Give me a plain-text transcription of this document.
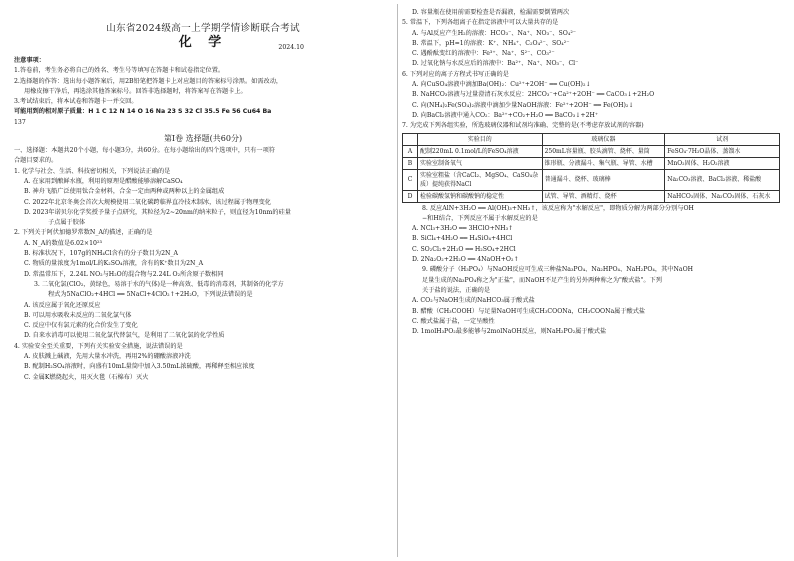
山东省2024级高一上学期学情诊断联合考试
化 学	2024.10
注意事项：
1.答卷前，考生务必将自己的姓名、考生号等填写在答题卡和试卷指定位置。
2.选择题的作答：选出每小题答案后，用2B铅笔把答题卡上对应题目的答案标号涂黑。如需改动，
用橡皮擦干净后，再选涂其他答案标号。回答非选择题时，将答案写在答题卡上。
3.考试结束后，将本试卷和答题卡一并交回。
可能用到的相对原子质量：H 1 C 12 N 14 O 16 Na 23 S 32 Cl 35.5 Fe 56 Cu64 Ba
137
第Ⅰ卷 选择题(共60分)
一、选择题：本题共20个小题，每小题3分，共60分。在每小题给出的四个选项中，只有一项符
合题目要求的。
1. 化学与社会、生活、科技密切相关，下列说法正确的是
A. 在家用到酿鲜水瓶，利用的原理是醋酸能够溶解CaSO₄
B. 神舟飞船广泛使用钛合金材料，合金一定由两种或两种以上的金属组成
C. 2022年北京冬奥会首次大规模使用二氧化碳跨临界直冷技术制冰，该过程属于物理变化
D. 2023年诺贝尔化学奖授予量子点研究，其粒径为2~20nm的纳米粒子，则直径为10nm的硅量
子点属于胶体
2. 下列关于阿伏加德罗常数N_A的描述，正确的是
A. N_A的数值是6.02×10²³
B. 标准状况下，107g的NH₄Cl含有的分子数目为2N_A
C. 物质的量浓度为1mol/L的K₂SO₄溶液，含有的K⁺数目为2N_A
D. 常温常压下，2.24L NO₂与H₂O的混合物与2.24L O₂所含原子数相同
3. 二氧化氯(ClO₂，黄绿色，易溶于水的气体)是一种高效、低毒的消毒剂，其制备的化学方
程式为5NaClO₂+4HCl ══ 5NaCl+4ClO₂↑+2H₂O，下列说法错误的是
A. 该反应属于氧化还原反应
B. 可以用水吸收未反应的二氧化氯气体
C. 反应中仅有氯元素的化合价发生了变化
D. 自来水消毒可以使用二氧化氯代替氯气，是利用了二氧化氯的化学性质
4. 实验安全至关重要，下列有关实验安全措施，说法错误的是
A. 皮肤溅上碱液，先用大量水冲洗，再用2%的硼酸溶液冲洗
B. 配制H₂SO₄溶液时，向盛有10mL量筒中加入3.50mL浓硫酸，再稀释至相应浓度
C. 金属K燃烧起火，用灭火毯（石棉布）灭火
D. 容量瓶在使用前需要检查是否漏液，检漏需要倒置两次
5. 常温下，下列各组离子在指定溶液中可以大量共存的是
A. 与Al反应产生H₂的溶液：HCO₃⁻、Na⁺、NO₃⁻、SO₄²⁻
B. 常温下，pH=1的溶液：K⁺、NH₄⁺、C₂O₄²⁻、SO₄²⁻
C. 遇酚酞变红的溶液中：Fe³⁺、Na⁺、S²⁻、CO₃²⁻
D. 过氧化钠与水反应后的溶液中：Ba²⁺、Na⁺、NO₃⁻、Cl⁻
6. 下列对应的离子方程式书写正确的是
A. 向CuSO₄溶液中滴加Ba(OH)₂：Cu²⁺+2OH⁻ ══ Cu(OH)₂↓
B. NaHCO₃溶液与过量澄清石灰水反应：2HCO₃⁻+Ca²⁺+2OH⁻ ══ CaCO₃↓+2H₂O
C. 向(NH₄)₂Fe(SO₄)₂溶液中滴加少量NaOH溶液：Fe²⁺+2OH⁻ ══ Fe(OH)₂↓
D. 向BaCl₂溶液中通入CO₂：Ba²⁺+CO₂+H₂O ══ BaCO₃↓+2H⁺
7. 为完成下列各组实验，所选玻璃仪器和试剂均准确、完整的是(不考虑存放试剂的容器)
	实验目的	玻璃仪器	试剂
A	配制220mL 0.1mol/L的FeSO₄溶液	250mL容量瓶、胶头滴管、烧杯、量筒	FeSO₄·7H₂O晶体、蒸馏水
B	实验室制备氧气	锥形瓶、分液漏斗、集气瓶、导管、水槽	MnO₂固体、H₂O₂溶液
C	实验室粗盐（含CaCl₂、MgSO₄、CaSO₄杂质）提纯获得NaCl	普通漏斗、烧杯、玻璃棒	Na₂CO₃溶液、BaCl₂溶液、稀盐酸
D	检验碳酸氢钠和碳酸钠的稳定性	试管、导管、酒精灯、烧杯	NaHCO₃固体、Na₂CO₃固体、石灰水
8. 反应AlN+3H₂O ══ Al(OH)₃+NH₃↑，该反应称为"水解反应"，即物质分解为两部分分别与OH
−和H结合，下列反应不属于水解反应的是
A. NCl₃+3H₂O ══ 3HClO+NH₃↑
B. SiCl₄+4H₂O ══ H₄SiO₄+4HCl
C. SO₂Cl₂+2H₂O ══ H₂SO₄+2HCl
D. 2Na₂O₂+2H₂O ══ 4NaOH+O₂↑
9. 磷酸分子（H₃PO₄）与NaOH反应可生成三种盐Na₃PO₄、Na₂HPO₄、NaH₂PO₄，其中NaOH
足量生成的Na₃PO₄称之为"正盐"，而NaOH不足产生的另外两种称之为"酸式盐"。下列
关于盐的说法，正确的是
A. CO₂与NaOH生成的NaHCO₃属于酸式盐
B. 醋酸（CH₃COOH）与足量NaOH可生成CH₃COONa，CH₃COONa属于酸式盐
C. 酸式盐属于盐，一定呈酸性
D. 1molH₃PO₂最多能够与2molNaOH反应，则NaH₂PO₂属于酸式盐
